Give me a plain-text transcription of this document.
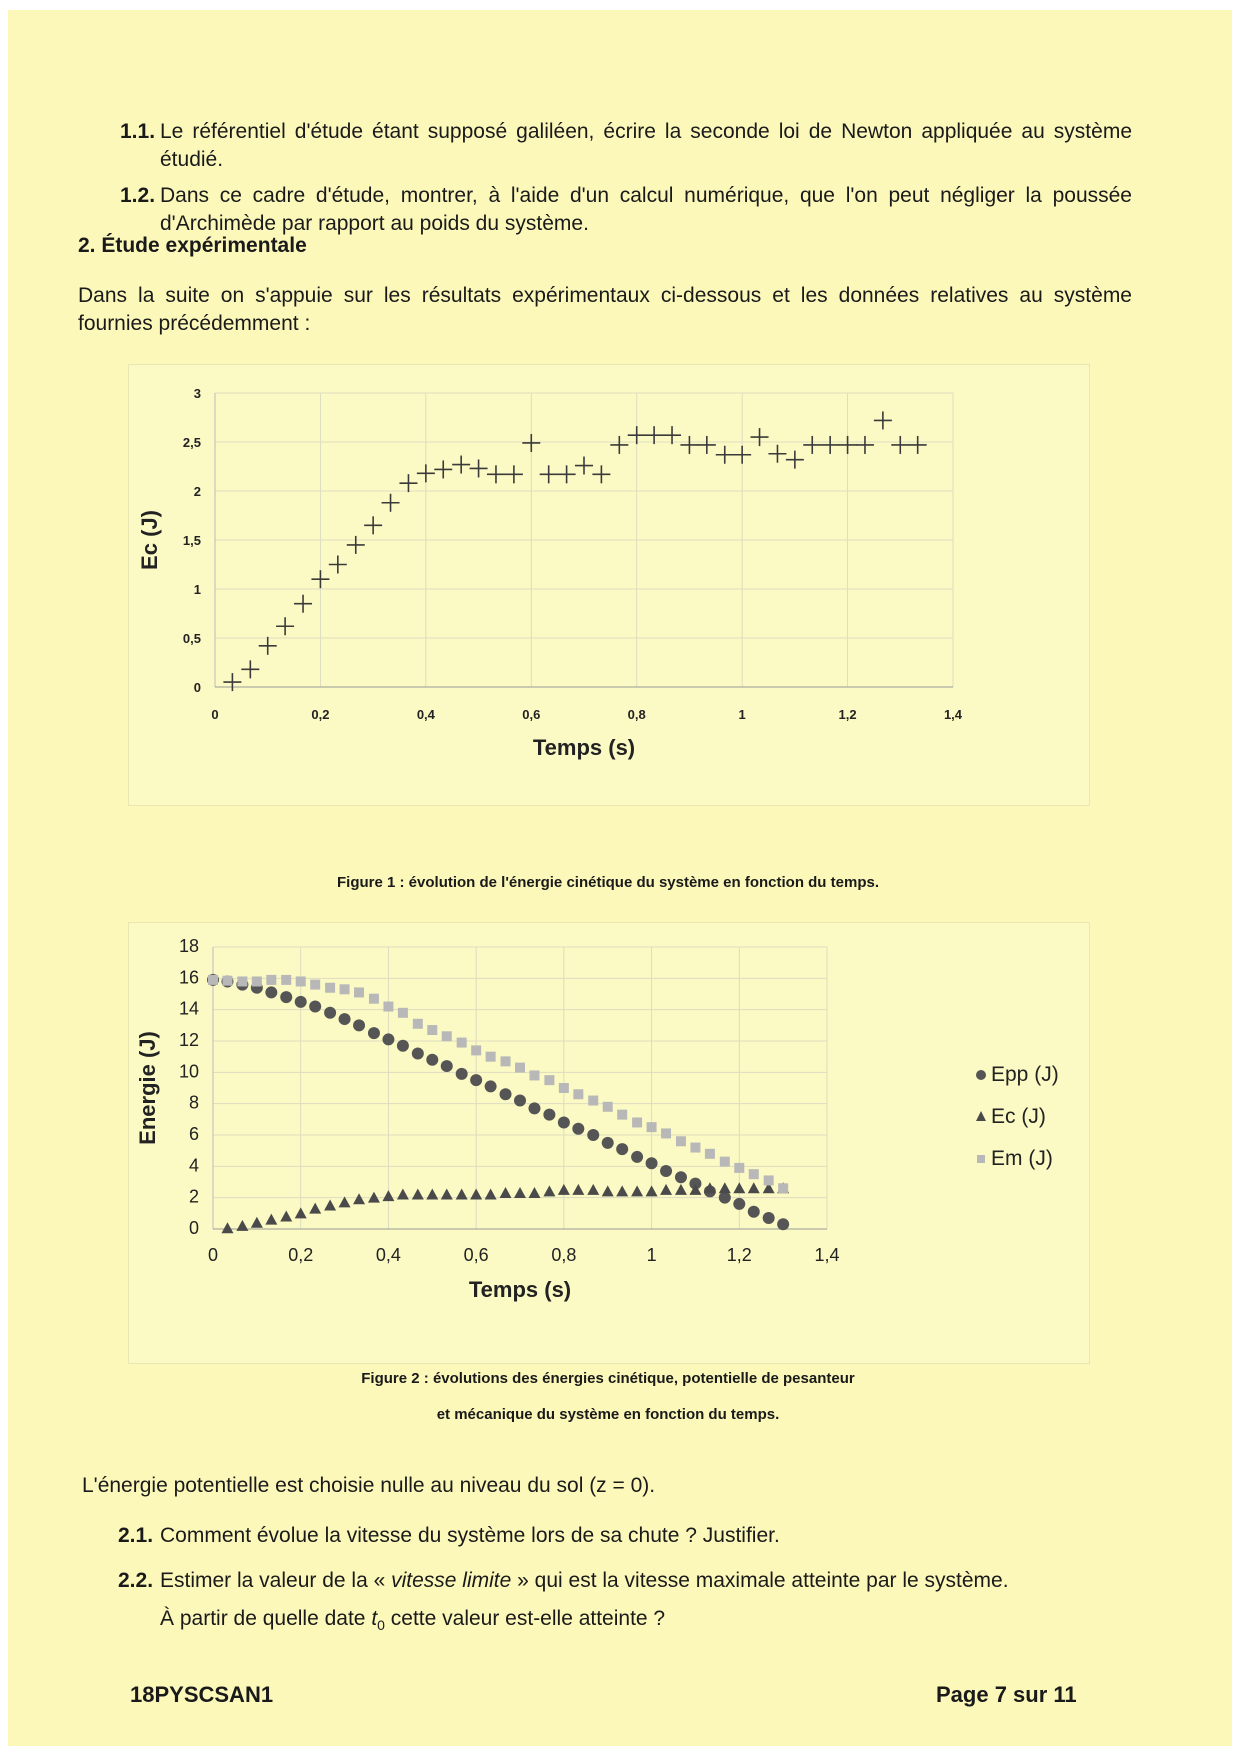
1.1. Le référentiel d'étude étant supposé galiléen, écrire la seconde loi de Newton appliquée au système étudié.
1.2. Dans ce cadre d'étude, montrer, à l'aide d'un calcul numérique, que l'on peut négliger la poussée d'Archimède par rapport au poids du système.
2. Étude expérimentale
Dans la suite on s'appuie sur les résultats expérimentaux ci-dessous et les données relatives au système fournies précédemment :
0
0,5
1
1,5
2
2,5
3
0	0,2	0,4	0,6	0,8	1	1,2	1,4
Temps (s)
Ec (J)
Figure 1 : évolution de l'énergie cinétique du système en fonction du temps.
0
2
4
6
8
10
12
14
16
18
0	0,2	0,4	0,6	0,8	1	1,2	1,4
Temps (s)
Energie (J)	Epp (J)
Ec (J)
Em (J)
Figure 2 : évolutions des énergies cinétique, potentielle de pesanteur
et mécanique du système en fonction du temps.
L'énergie potentielle est choisie nulle au niveau du sol (z = 0).
2.1. Comment évolue la vitesse du système lors de sa chute ? Justifier.
2.2. Estimer la valeur de la « vitesse limite » qui est la vitesse maximale atteinte par le système.
À partir de quelle date $t_0$ cette valeur est-elle atteinte ?
18PYSCSAN1	Page 7 sur 11
